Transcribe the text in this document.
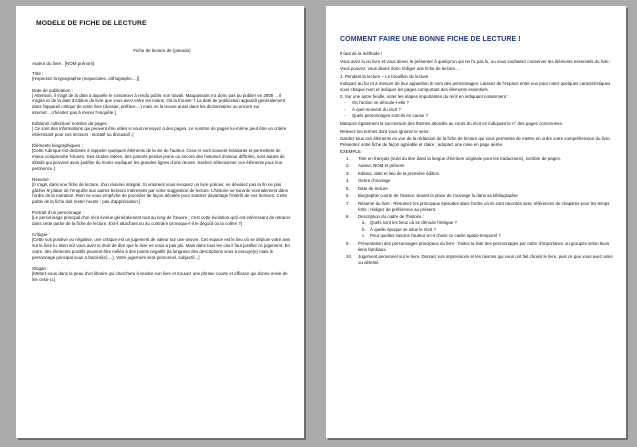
MODELE DE FICHE DE LECTURE
Fiche de lecture de (pseudo)
Auteur du livre : [NOM prénom]
Titre :
[respectez la typographie (majuscules, orthographe....)]
Date de publication :
[ Attention, il s'agit de la date à laquelle le romancier à rendu public son travail. Maupassant n'a donc pas pu publier en 2008 ... il s'agira ici de la date d'édition du livre que vous avez entre les mains. Où la trouver ? La date de publication apparaît généralement dans l'appareil critique de votre livre (dossier, préface....) mais on la trouve aussi dans les dictionnaires ou encore sur internet....n'hésitez pas à mener l'enquête.]
Editions/ collection/ nombre de pages :
[ Ce sont des informations qui peuvent être utiles si vous renvoyez à des pages. Le nombre de pages lui-même peut être un critère intéressant pour vos lecteurs : incitatif ou dissuasif .]
Éléments biographiques :
[Cette rubrique est destinée à rappeler quelques éléments de la vie de l'auteur. Ceux-ci sont souvent éclairants et permettent de mieux comprendre l'œuvre. Des études ratées, des parents perdus jeune ou encore des histoires d'amour difficiles, sont autant de détails qui peuvent avoir justifier du moins expliquer les grandes lignes d'une œuvre. Sachez sélectionner ces éléments pour leur pertinence.]
Résumé :
[Il s'agit, dans une fiche de lecture, d'un résumé intégral. Si vraiment vous évoquez un livre policier, ne dévoilez pas la fin ne pas gâcher le plaisir de l'enquête aux autres lecteurs intéressés par votre suggestion de lecture. L'histoire se raconte normalement dans l'ordre de la narration. Rien ne vous empêche de procéder de façon décalée pour susciter davantage l'intérêt de vos lecteurs. Cette partie de la fiche doit rester neutre : pas d'appréciation.]
Portrait d'un personnage :
[Le personnage principal d'un récit évolue généralement tout au long de l'œuvre ; c'est cette évolution qu'il est intéressant de retracer dans cette partie de la fiche de lecture. Est-il attachant ou au contraire provoque-t-il le dégoût ou la colère ?]
Critique :
[Cette soit positive ou négative, une critique est un jugement de valeur sur une œuvre. Cet espace est le lieu où se déploie votre avis sur le livre lu. Bien sûr vous avez le droit de dire que le livre ne vous a pas plu. Mais dans tous les cas il faut justifier ce jugement. En outre, des éléments positifs peuvent être mêlés à des points négatifs (la longueur des descriptions vous a ennuyé(e) mais le personnage principal vous a fasciné(e)....). Votre jugement sera personnel, subjectif...]
Slogan :
[Mettez-vous dans la peau d'un libraire qui cherchera à vendre son livre et trouvez une phrase courte et efficace qui donne envie de lire celui-ci.]
COMMENT FAIRE UNE BONNE FICHE DE LECTURE !
Il faut de la méthode !
Vous avez lu un livre et vous devez le présenter à quelqu'un qui ne l'a pas lu, ou vous souhaitez conserver les éléments essentiels du livre :
Vous pouvez, vous devez donc rédiger une fiche de lecture....
1. Pendant la lecture – Le brouillon de lecture
Indiquez au fur et à mesure de leur apparition le nom des personnages. Laissez de l'espace entre eux pour noter quelques caractéristiques sous chaque nom et indiquer les pages comportant des éléments essentiels.
2. Sur une autre feuille, noter les étapes importantes du récit en indiquant notamment :
- Où l'action se déroule-t-elle ?
- À quel moment du récit ?
- Quels personnages sont-ils en cause ?
Marquez également la succession des thèmes abordés au cours du récit en indiquant le n° des pages concernées.
Relevez les termes dont vous ignorez le sens.
Gardez tous ces éléments en vue de la rédaction de la fiche de lecture qui vous permettra de mettre en ordre votre compréhension du livre. Présentez votre fiche de façon agréable et claire ; adoptez une mise en page aérée.
EXEMPLE
1. Titre en français (suivi du titre dans la langue d'écriture originale pour les traductions), nombre de pages.
2. Auteur, NOM et prénom
3. Editeur, date et lieu de la première édition
4. Genre d'ouvrage
5. Date de lecture
6. Biographie courte de l'auteur, situant la place de l'ouvrage lu dans sa bibliographie
7. Résumé du livre : Résumez les principaux épisodes dans l'ordre où ils sont racontés avec références de chapitres pour les temps forts ; rédigez de préférence au présent.
8. Description du cadre de l'histoire :
a. Quels sont les lieux où se déroule l'intrigue ?
b. À quelle époque se situe le récit ?
c. Pour quelles raisons l'auteur a-t-il choisi ce cadre spatio-temporel ?
9. Présentation des personnages principaux du livre : Faites la liste des personnages par ordre d'importance ou groupés selon leurs liens familiaux.
10. Jugement personnel sur le livre. Donnez vos impressions et les raisons qui vous ont fait choisir le livre, puis ce que vous avez aimé ou détesté.
